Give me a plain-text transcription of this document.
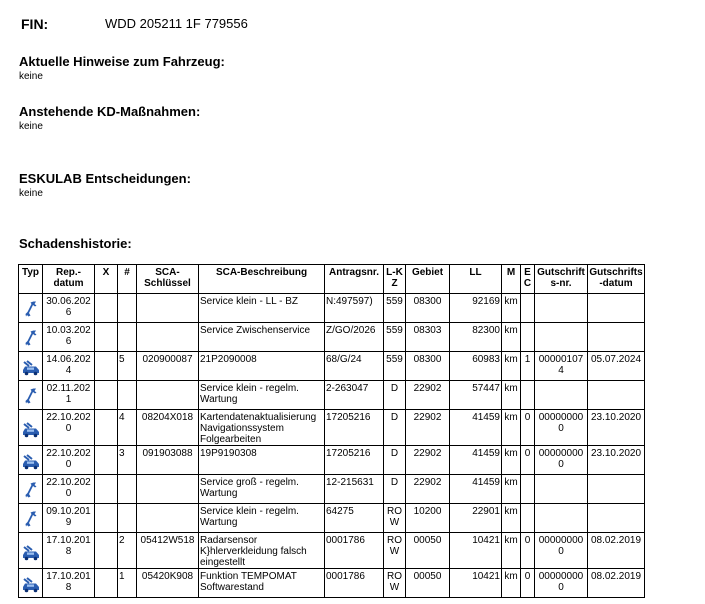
FIN:	WDD 205211 1F 779556
Aktuelle Hinweise zum Fahrzeug:
keine
Anstehende KD-Maßnahmen:
keine
ESKULAB Entscheidungen:
keine
Schadenshistorie:
Typ	Rep.-datum	X	#	SCA-Schlüssel	SCA-Beschreibung	Antragsnr.	L-KZ	Gebiet	LL	M	EC	Gutschrifts-nr.	Gutschrifts-datum

	30.06.2026				Service klein - LL - BZ	N:497597)	559	08300	92169	km			

	10.03.2026				Service Zwischenservice	Z/GO/2026	559	08303	82300	km			

	14.06.2024		5	020900087	21P2090008	68/G/24	559	08300	60983	km	1	000001074	05.07.2024

	02.11.2021				Service klein - regelm. Wartung	2-263047	D	22902	57447	km			

	22.10.2020		4	08204X018	Kartendatenaktualisierung Navigationssystem Folgearbeiten	17205216	D	22902	41459	km	0	000000000	23.10.2020

	22.10.2020		3	091903088	19P9190308	17205216	D	22902	41459	km	0	000000000	23.10.2020

	22.10.2020				Service groß - regelm. Wartung	12-215631	D	22902	41459	km			

	09.10.2019				Service klein - regelm. Wartung	64275	ROW	10200	22901	km			

	17.10.2018		2	05412W518	Radarsensor K}hlerverkleidung falsch eingestellt	0001786	ROW	00050	10421	km	0	000000000	08.02.2019

	17.10.2018		1	05420K908	Funktion TEMPOMAT Softwarestand	0001786	ROW	00050	10421	km	0	000000000	08.02.2019
